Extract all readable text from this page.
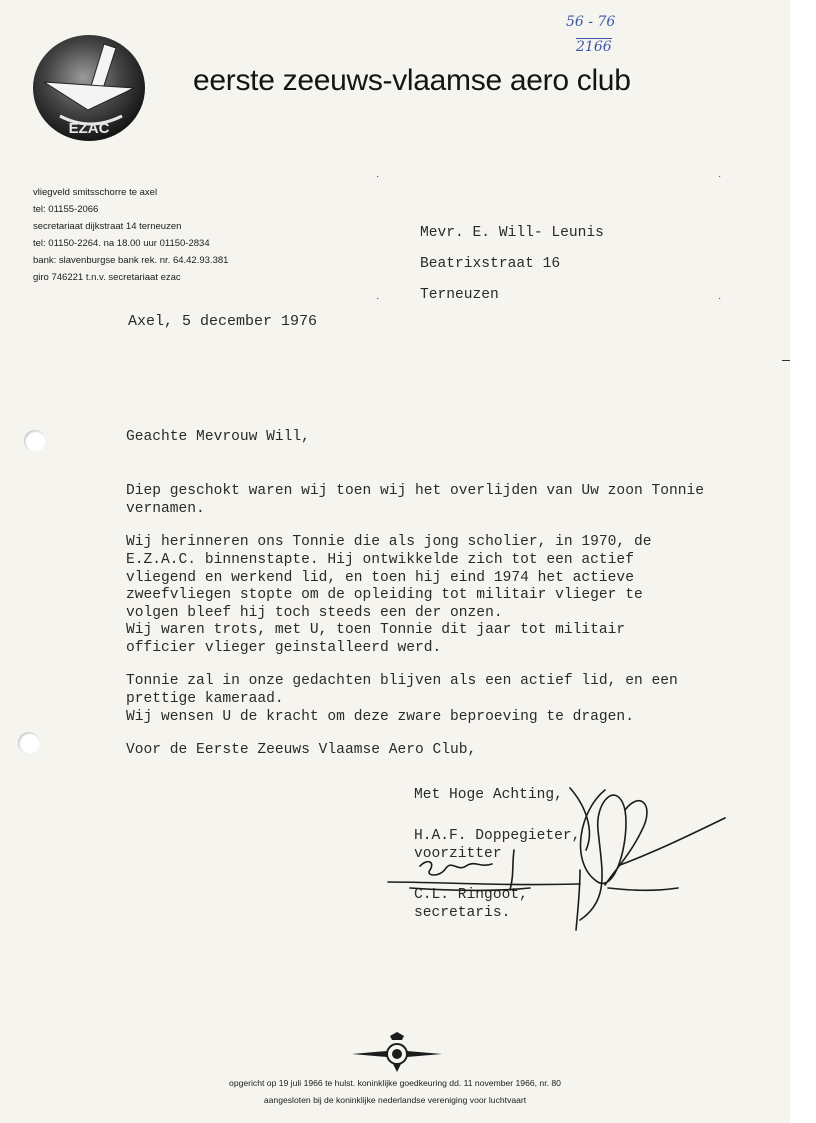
56 - 76
2166
EZAC
eerste zeeuws-vlaamse aero club
vliegveld smitsschorre te axel
tel: 01155-2066
secretariaat dijkstraat 14 terneuzen
tel: 01150-2264. na 18.00 uur 01150-2834
bank: slavenburgse bank rek. nr. 64.42.93.381
giro 746221 t.n.v. secretariaat ezac
·	·
·	·
Mevr. E. Will- Leunis
Beatrixstraat 16
Terneuzen
Axel, 5 december 1976
Geachte Mevrouw Will,
Diep geschokt waren wij toen wij het overlijden van Uw zoon Tonnie
vernamen.
Wij herinneren ons Tonnie die als jong scholier, in 1970, de
E.Z.A.C. binnenstapte. Hij ontwikkelde zich tot een actief
vliegend en werkend lid, en toen hij eind 1974 het actieve
zweefvliegen stopte om de opleiding tot militair vlieger te
volgen bleef hij toch steeds een der onzen.
Wij waren trots, met U, toen Tonnie dit jaar tot militair
officier vlieger geinstalleerd werd.
Tonnie zal in onze gedachten blijven als een actief lid, en een
prettige kameraad.
Wij wensen U de kracht om deze zware beproeving te dragen.
Voor de Eerste Zeeuws Vlaamse Aero Club,
Met Hoge Achting,
H.A.F. Doppegieter,
voorzitter
C.L. Ringoot,
secretaris.
opgericht op 19 juli 1966 te hulst. koninklijke goedkeuring dd. 11 november 1966, nr. 80
aangesloten bij de koninklijke nederlandse vereniging voor luchtvaart
